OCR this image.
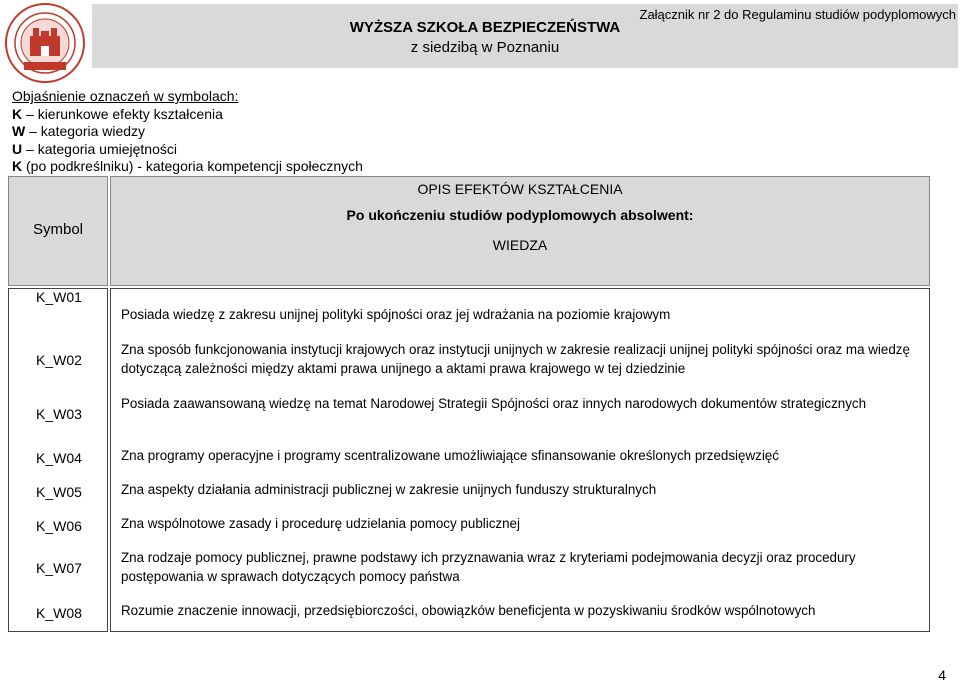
WYŻSZA SZKOŁA BEZPIECZEŃSTWA
z siedzibą w Poznaniu
Załącznik nr 2 do Regulaminu studiów podyplomowych
Objaśnienie oznaczeń w symbolach:
K – kierunkowe efekty kształcenia
W – kategoria wiedzy
U – kategoria umiejętności
K (po podkreślniku) - kategoria kompetencji społecznych
Symbol
OPIS EFEKTÓW KSZTAŁCENIA
Po ukończeniu studiów podyplomowych absolwent:
WIEDZA
K_W01
K_W02
K_W03
K_W04
K_W05
K_W06
K_W07
K_W08
Posiada wiedzę z zakresu unijnej polityki spójności oraz jej wdrażania na poziomie krajowym
Zna sposób funkcjonowania instytucji krajowych oraz instytucji unijnych w zakresie realizacji unijnej polityki spójności oraz ma wiedzę dotyczącą zależności między aktami prawa unijnego a aktami prawa krajowego w tej dziedzinie
Posiada zaawansowaną wiedzę na temat Narodowej Strategii Spójności oraz innych narodowych dokumentów strategicznych
Zna programy operacyjne i programy scentralizowane umożliwiające sfinansowanie określonych przedsięwzięć
Zna aspekty działania administracji publicznej w zakresie unijnych funduszy strukturalnych
Zna wspólnotowe zasady i procedurę udzielania pomocy publicznej
Zna rodzaje pomocy publicznej, prawne podstawy ich przyznawania wraz z kryteriami podejmowania decyzji oraz procedury postępowania w sprawach dotyczących pomocy państwa
Rozumie znaczenie innowacji, przedsiębiorczości, obowiązków beneficjenta w pozyskiwaniu środków wspólnotowych
4
